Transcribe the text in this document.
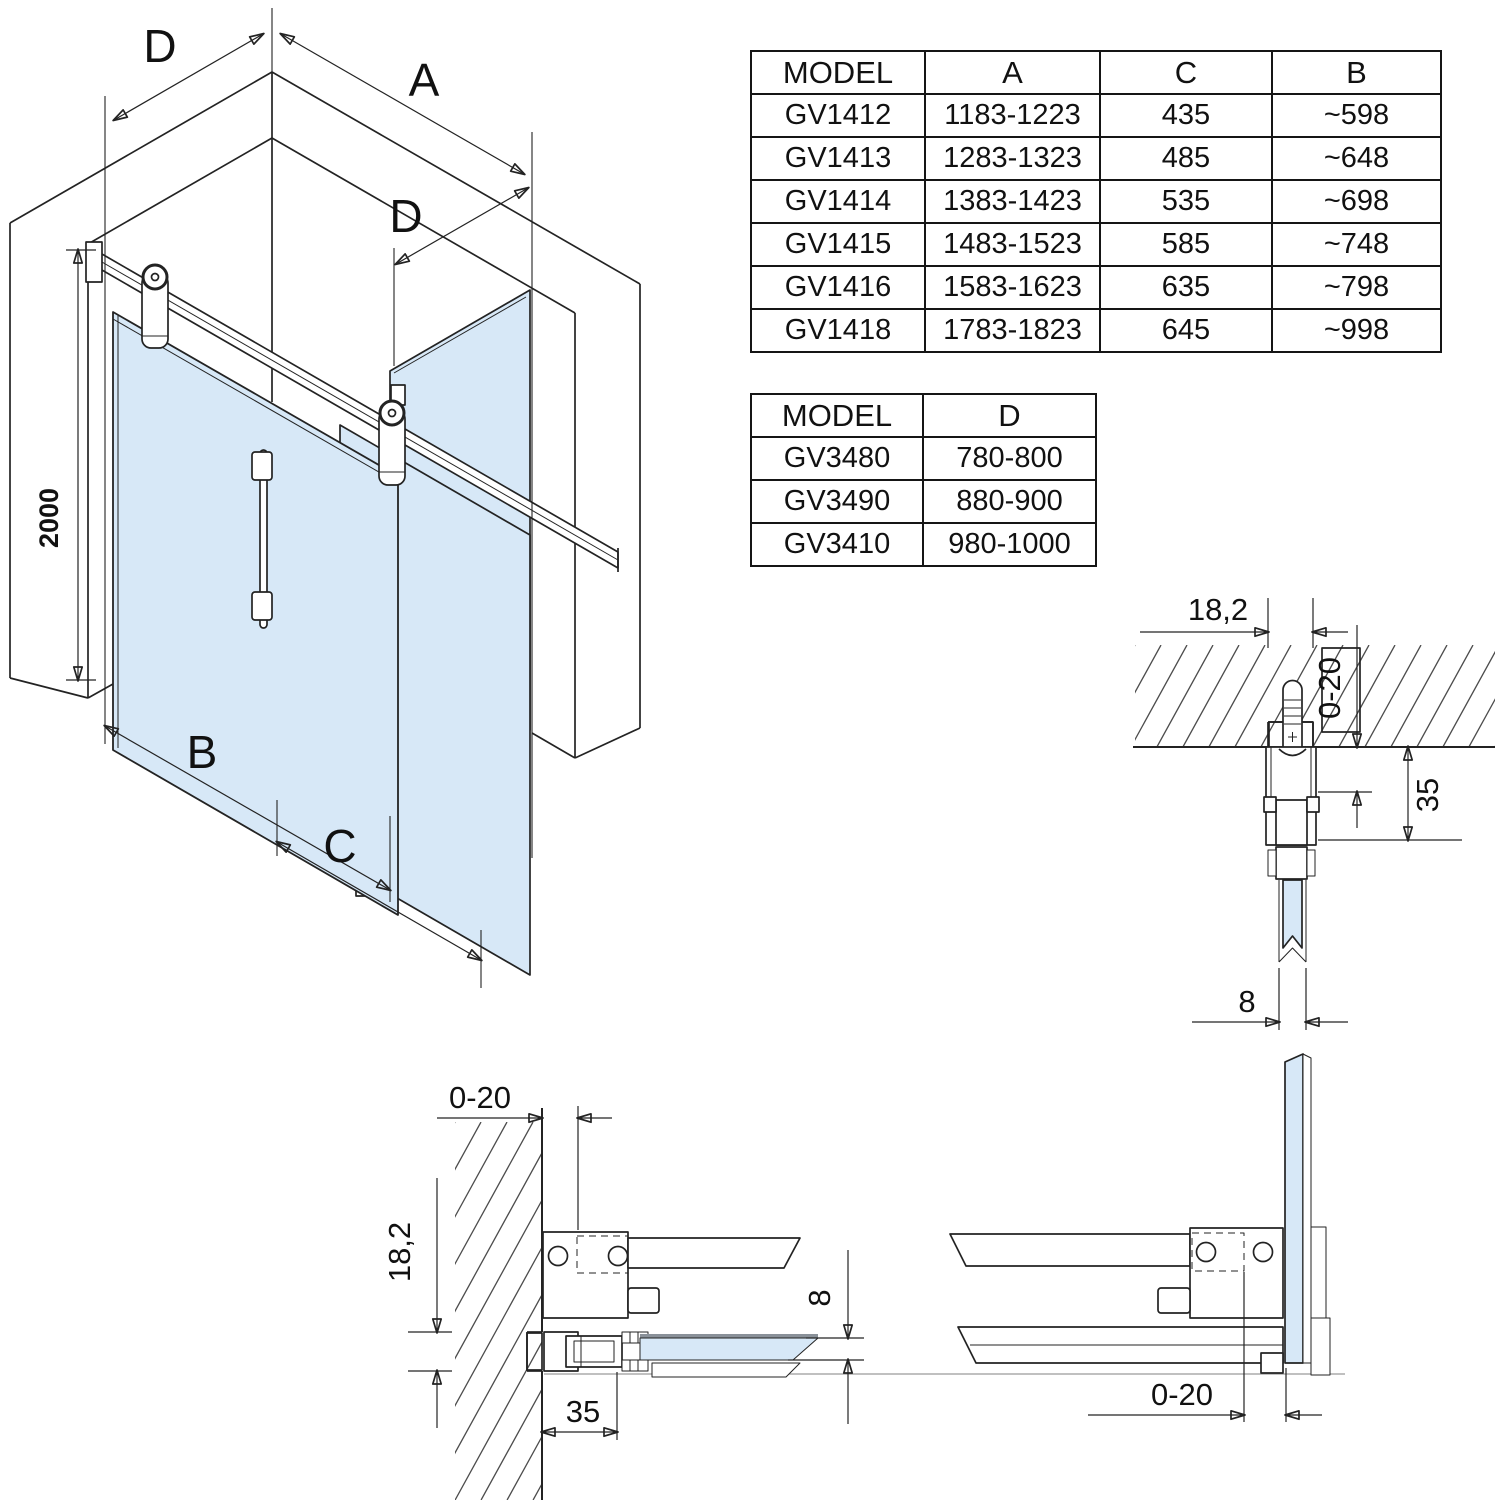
D
A
D
2000
B
C
18,2
0-20
35
8
0-20
18,2
35
8
0-20
MODEL	A	C	B
GV1412	1183-1223	435	~598
GV1413	1283-1323	485	~648
GV1414	1383-1423	535	~698
GV1415	1483-1523	585	~748
GV1416	1583-1623	635	~798
GV1418	1783-1823	645	~998
MODEL	D
GV3480	780-800
GV3490	880-900
GV3410	980-1000
